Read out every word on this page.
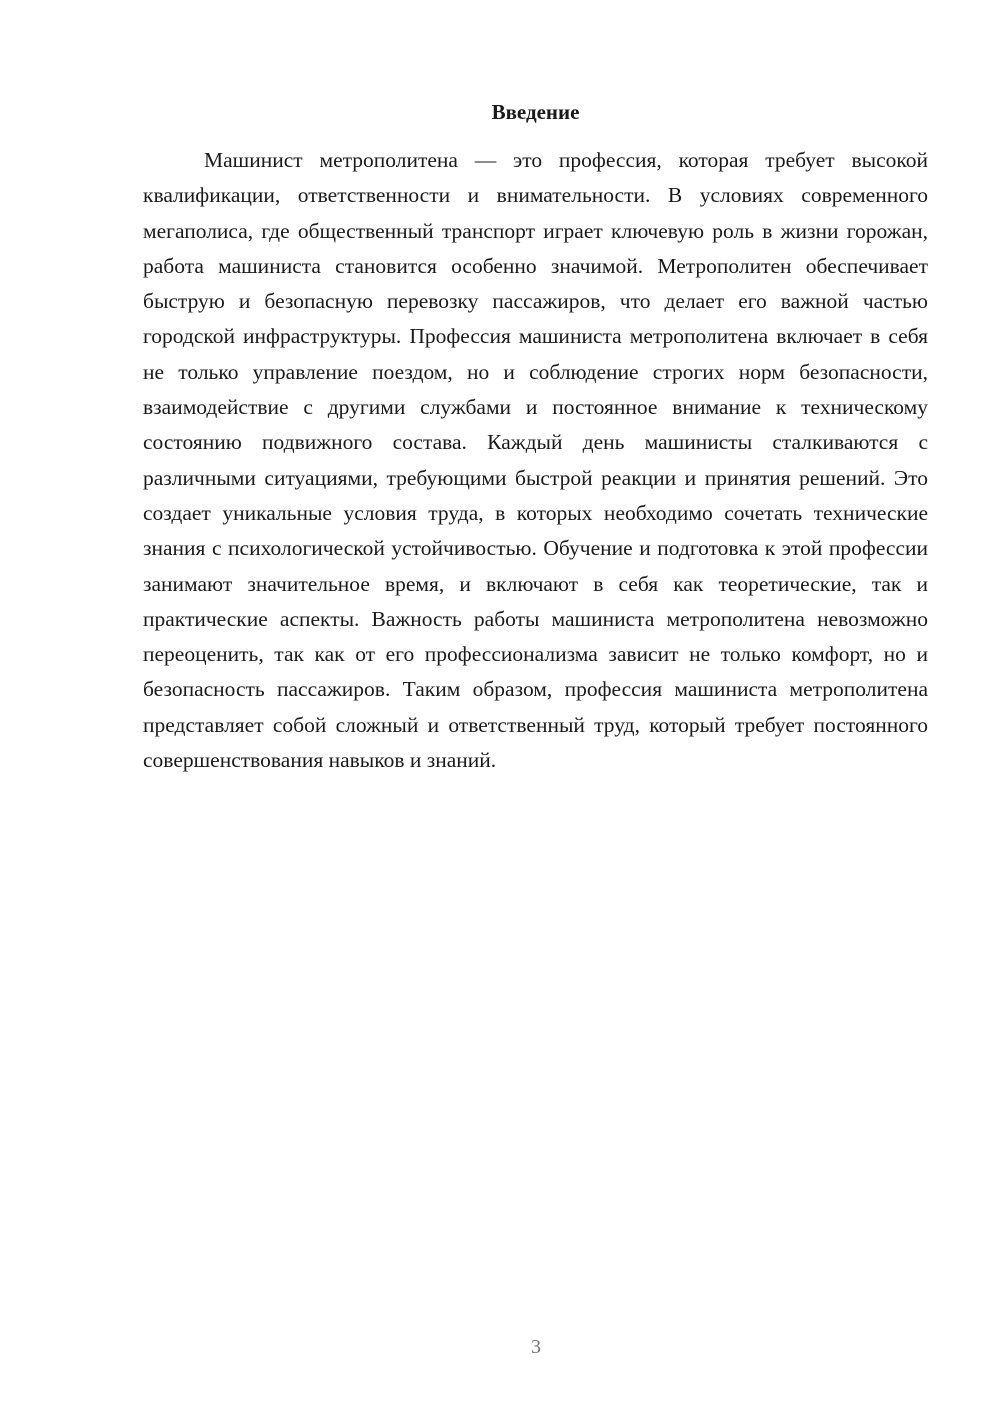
Введение

Машинист метрополитена — это профессия, которая требует высокой квалификации, ответственности и внимательности. В условиях современного мегаполиса, где общественный транспорт играет ключевую роль в жизни горожан, работа машиниста становится особенно значимой. Метрополитен обеспечивает быструю и безопасную перевозку пассажиров, что делает его важной частью городской инфраструктуры. Профессия машиниста метрополитена включает в себя не только управление поездом, но и соблюдение строгих норм безопасности, взаимодействие с другими службами и постоянное внимание к техническому состоянию подвижного состава. Каждый день машинисты сталкиваются с различными ситуациями, требующими быстрой реакции и принятия решений. Это создает уникальные условия труда, в которых необходимо сочетать технические знания с психологической устойчивостью. Обучение и подготовка к этой профессии занимают значительное время, и включают в себя как теоретические, так и практические аспекты. Важность работы машиниста метрополитена невозможно переоценить, так как от его профессионализма зависит не только комфорт, но и безопасность пассажиров. Таким образом, профессия машиниста метрополитена представляет собой сложный и ответственный труд, который требует постоянного совершенствования навыков и знаний.

3
